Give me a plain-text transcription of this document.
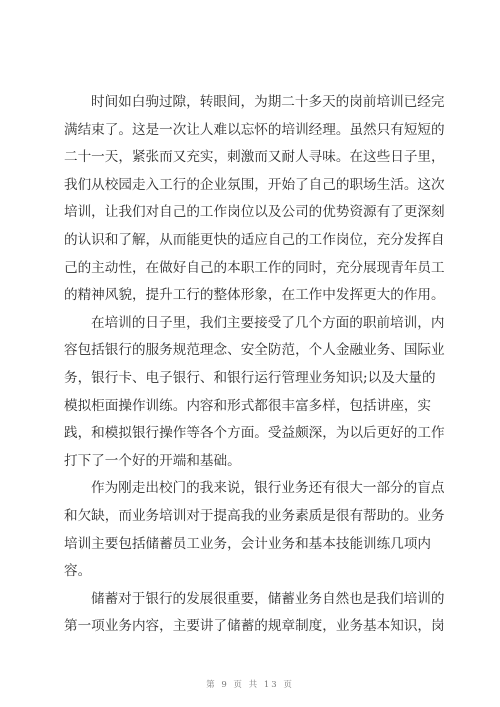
时间如白驹过隙，转眼间，为期二十多天的岗前培训已经完
满结束了。这是一次让人难以忘怀的培训经理。虽然只有短短的
二十一天，紧张而又充实，刺激而又耐人寻味。在这些日子里，
我们从校园走入工行的企业氛围，开始了自己的职场生活。这次
培训，让我们对自己的工作岗位以及公司的优势资源有了更深刻
的认识和了解，从而能更快的适应自己的工作岗位，充分发挥自
己的主动性，在做好自己的本职工作的同时，充分展现青年员工
的精神风貌，提升工行的整体形象，在工作中发挥更大的作用。
在培训的日子里，我们主要接受了几个方面的职前培训，内
容包括银行的服务规范理念、安全防范，个人金融业务、国际业
务，银行卡、电子银行、和银行运行管理业务知识;以及大量的
模拟柜面操作训练。内容和形式都很丰富多样，包括讲座，实
践，和模拟银行操作等各个方面。受益颇深，为以后更好的工作
打下了一个好的开端和基础。
作为刚走出校门的我来说，银行业务还有很大一部分的盲点
和欠缺，而业务培训对于提高我的业务素质是很有帮助的。业务
培训主要包括储蓄员工业务，会计业务和基本技能训练几项内
容。
储蓄对于银行的发展很重要，储蓄业务自然也是我们培训的
第一项业务内容，主要讲了储蓄的规章制度，业务基本知识，岗
第 9 页 共 13 页
